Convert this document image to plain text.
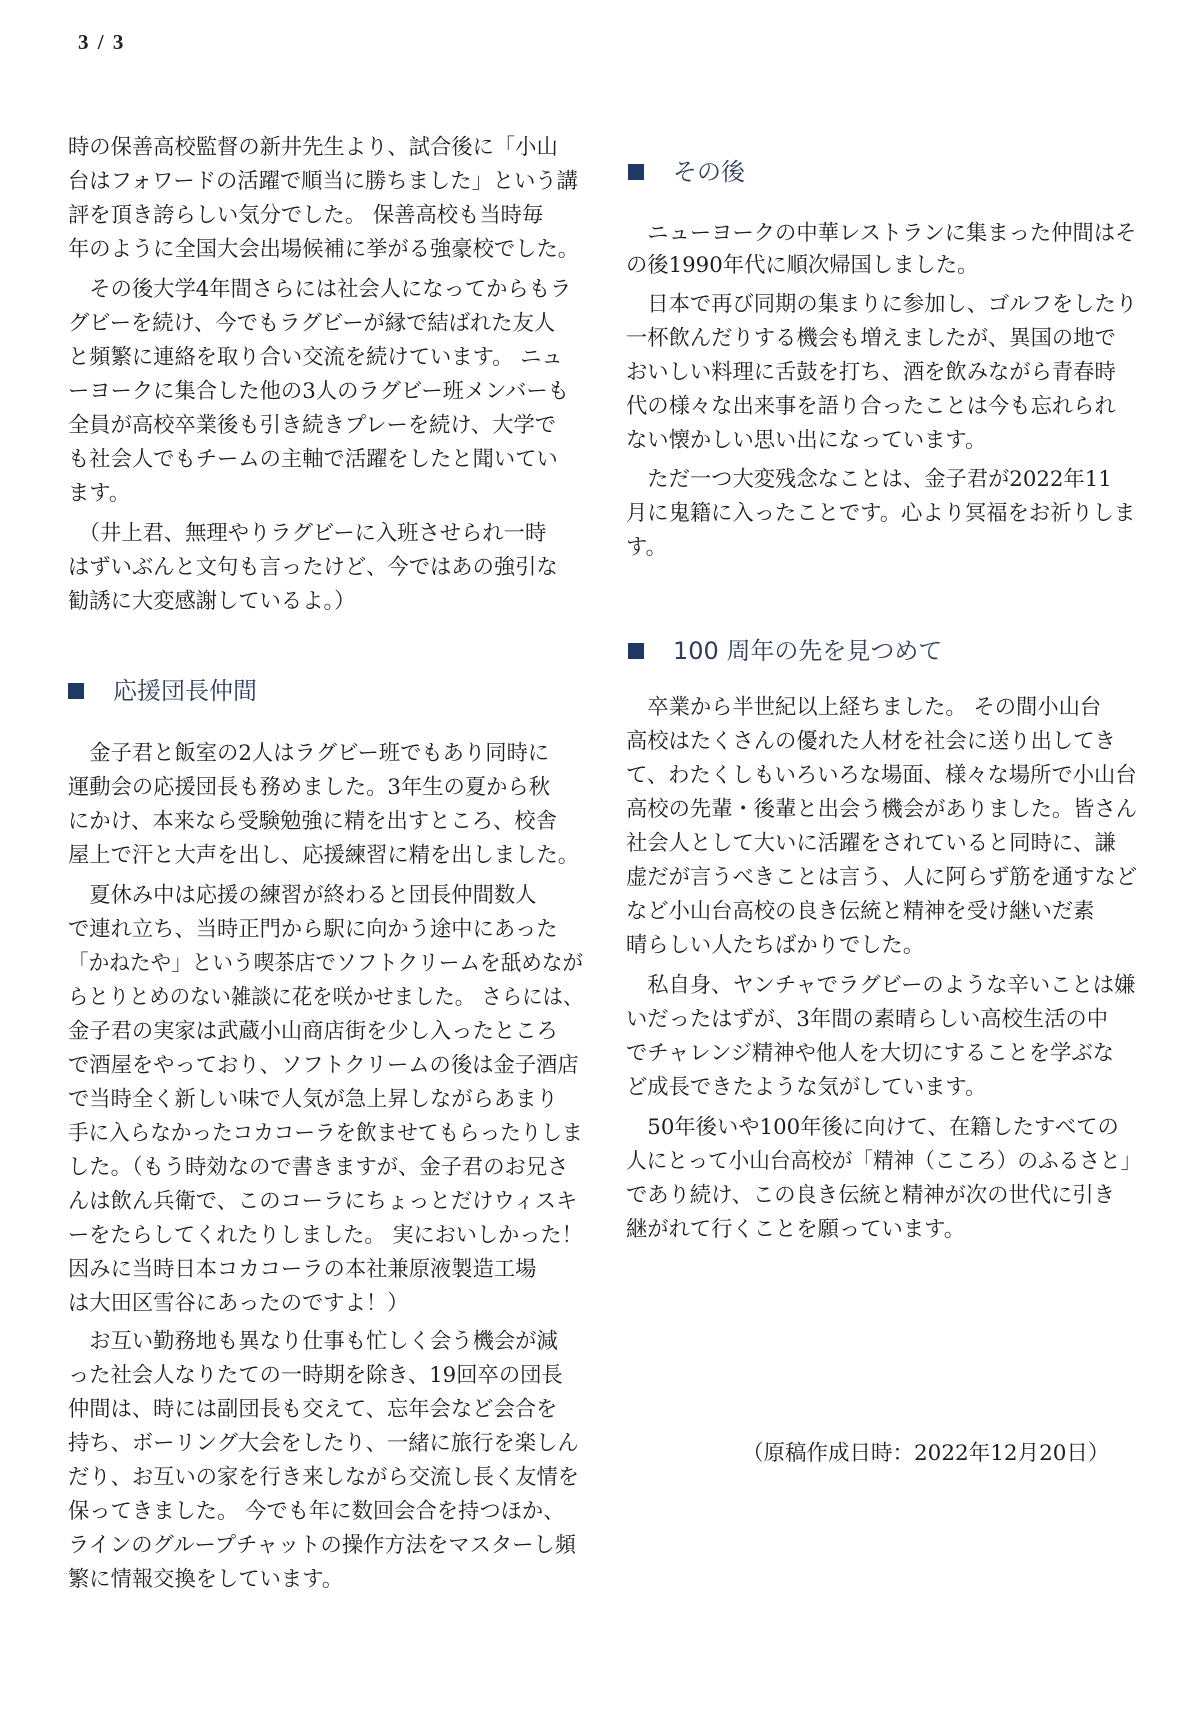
3 / 3
時の保善高校監督の新井先生より、試合後に「小山
台はフォワードの活躍で順当に勝ちました」という講
評を頂き誇らしい気分でした。 保善高校も当時毎
年のように全国大会出場候補に挙がる強豪校でした。
　その後大学4年間さらには社会人になってからもラ
グビーを続け、今でもラグビーが縁で結ばれた友人
と頻繁に連絡を取り合い交流を続けています。 ニュ
ーヨークに集合した他の3人のラグビー班メンバーも
全員が高校卒業後も引き続きプレーを続け、大学で
も社会人でもチームの主軸で活躍をしたと聞いてい
ます。
　（井上君、無理やりラグビーに入班させられ一時
はずいぶんと文句も言ったけど、今ではあの強引な
勧誘に大変感謝しているよ。）
応援団長仲間
　金子君と飯室の2人はラグビー班でもあり同時に
運動会の応援団長も務めました。3年生の夏から秋
にかけ、本来なら受験勉強に精を出すところ、校舎
屋上で汗と大声を出し、応援練習に精を出しました。
　夏休み中は応援の練習が終わると団長仲間数人
で連れ立ち、当時正門から駅に向かう途中にあった
「かねたや」という喫茶店でソフトクリームを舐めなが
らとりとめのない雑談に花を咲かせました。 さらには、
金子君の実家は武蔵小山商店街を少し入ったところ
で酒屋をやっており、ソフトクリームの後は金子酒店
で当時全く新しい味で人気が急上昇しながらあまり
手に入らなかったコカコーラを飲ませてもらったりしま
した。（もう時効なので書きますが、金子君のお兄さ
んは飲ん兵衛で、このコーラにちょっとだけウィスキ
ーをたらしてくれたりしました。 実においしかった！
因みに当時日本コカコーラの本社兼原液製造工場
は大田区雪谷にあったのですよ！）
　お互い勤務地も異なり仕事も忙しく会う機会が減
った社会人なりたての一時期を除き、19回卒の団長
仲間は、時には副団長も交えて、忘年会など会合を
持ち、ボーリング大会をしたり、一緒に旅行を楽しん
だり、お互いの家を行き来しながら交流し長く友情を
保ってきました。 今でも年に数回会合を持つほか、
ラインのグループチャットの操作方法をマスターし頻
繁に情報交換をしています。
その後
　ニューヨークの中華レストランに集まった仲間はそ
の後1990年代に順次帰国しました。
　日本で再び同期の集まりに参加し、ゴルフをしたり
一杯飲んだりする機会も増えましたが、異国の地で
おいしい料理に舌鼓を打ち、酒を飲みながら青春時
代の様々な出来事を語り合ったことは今も忘れられ
ない懐かしい思い出になっています。
　ただ一つ大変残念なことは、金子君が2022年11
月に鬼籍に入ったことです。心より冥福をお祈りしま
す。
100 周年の先を見つめて
　卒業から半世紀以上経ちました。 その間小山台
高校はたくさんの優れた人材を社会に送り出してき
て、わたくしもいろいろな場面、様々な場所で小山台
高校の先輩・後輩と出会う機会がありました。皆さん
社会人として大いに活躍をされていると同時に、謙
虚だが言うべきことは言う、人に阿らず筋を通すなど
など小山台高校の良き伝統と精神を受け継いだ素
晴らしい人たちばかりでした。
　私自身、ヤンチャでラグビーのような辛いことは嫌
いだったはずが、3年間の素晴らしい高校生活の中
でチャレンジ精神や他人を大切にすることを学ぶな
ど成長できたような気がしています。
　50年後いや100年後に向けて、在籍したすべての
人にとって小山台高校が「精神（こころ）のふるさと」
であり続け、この良き伝統と精神が次の世代に引き
継がれて行くことを願っています。
（原稿作成日時：2022年12月20日）
